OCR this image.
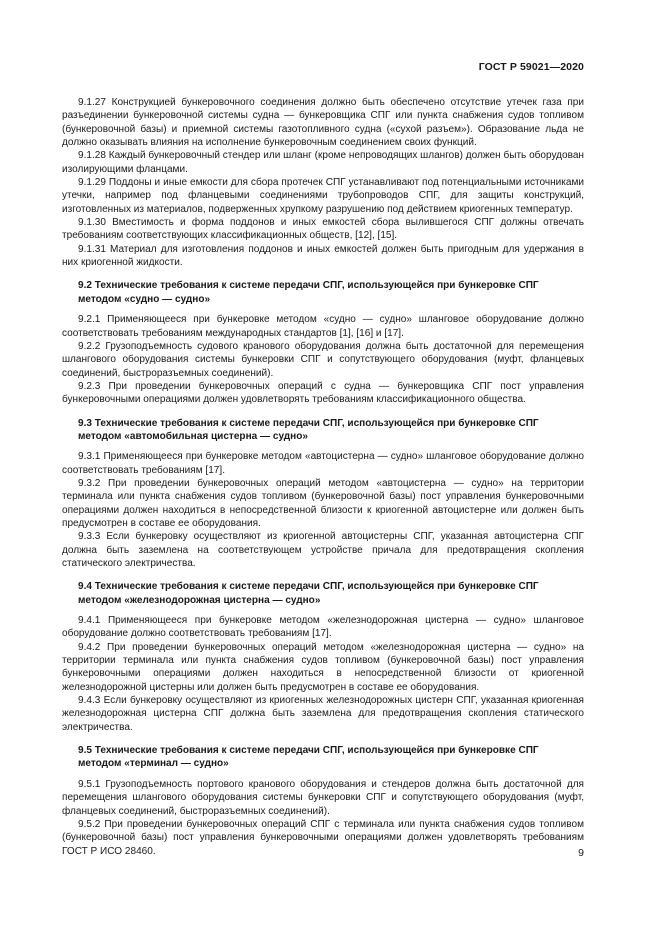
ГОСТ Р 59021—2020

9.1.27 Конструкцией бункеровочного соединения должно быть обеспечено отсутствие утечек газа при разъединении бункеровочной системы судна — бункеровщика СПГ или пункта снабжения судов топливом (бункеровочной базы) и приемной системы газотопливного судна («сухой разъем»). Образование льда не должно оказывать влияния на исполнение бункеровочным соединением своих функций.

9.1.28 Каждый бункеровочный стендер или шланг (кроме непроводящих шлангов) должен быть оборудован изолирующими фланцами.

9.1.29 Поддоны и иные емкости для сбора протечек СПГ устанавливают под потенциальными источниками утечки, например под фланцевыми соединениями трубопроводов СПГ, для защиты конструкций, изготовленных из материалов, подверженных хрупкому разрушению под действием криогенных температур.

9.1.30 Вместимость и форма поддонов и иных емкостей сбора вылившегося СПГ должны отвечать требованиям соответствующих классификационных обществ, [12], [15].

9.1.31 Материал для изготовления поддонов и иных емкостей должен быть пригодным для удержания в них криогенной жидкости.

9.2 Технические требования к системе передачи СПГ, использующейся при бункеровке СПГ методом «судно — судно»

9.2.1 Применяющееся при бункеровке методом «судно — судно» шланговое оборудование должно соответствовать требованиям международных стандартов [1], [16] и [17].

9.2.2 Грузоподъемность судового кранового оборудования должна быть достаточной для перемещения шлангового оборудования системы бункеровки СПГ и сопутствующего оборудования (муфт, фланцевых соединений, быстроразъемных соединений).

9.2.3 При проведении бункеровочных операций с судна — бункеровщика СПГ пост управления бункеровочными операциями должен удовлетворять требованиям классификационного общества.

9.3 Технические требования к системе передачи СПГ, использующейся при бункеровке СПГ методом «автомобильная цистерна — судно»

9.3.1 Применяющееся при бункеровке методом «автоцистерна — судно» шланговое оборудование должно соответствовать требованиям [17].

9.3.2 При проведении бункеровочных операций методом «автоцистерна — судно» на территории терминала или пункта снабжения судов топливом (бункеровочной базы) пост управления бункеровочными операциями должен находиться в непосредственной близости к криогенной автоцистерне или должен быть предусмотрен в составе ее оборудования.

9.3.3 Если бункеровку осуществляют из криогенной автоцистерны СПГ, указанная автоцистерна СПГ должна быть заземлена на соответствующем устройстве причала для предотвращения скопления статического электричества.

9.4 Технические требования к системе передачи СПГ, использующейся при бункеровке СПГ методом «железнодорожная цистерна — судно»

9.4.1 Применяющееся при бункеровке методом «железнодорожная цистерна — судно» шланговое оборудование должно соответствовать требованиям [17].

9.4.2 При проведении бункеровочных операций методом «железнодорожная цистерна — судно» на территории терминала или пункта снабжения судов топливом (бункеровочной базы) пост управления бункеровочными операциями должен находиться в непосредственной близости от криогенной железнодорожной цистерны или должен быть предусмотрен в составе ее оборудования.

9.4.3 Если бункеровку осуществляют из криогенных железнодорожных цистерн СПГ, указанная криогенная железнодорожная цистерна СПГ должна быть заземлена для предотвращения скопления статического электричества.

9.5 Технические требования к системе передачи СПГ, использующейся при бункеровке СПГ методом «терминал — судно»

9.5.1 Грузоподъемность портового кранового оборудования и стендеров должна быть достаточной для перемещения шлангового оборудования системы бункеровки СПГ и сопутствующего оборудования (муфт, фланцевых соединений, быстроразъемных соединений).

9.5.2 При проведении бункеровочных операций СПГ с терминала или пункта снабжения судов топливом (бункеровочной базы) пост управления бункеровочными операциями должен удовлетворять требованиям ГОСТ Р ИСО 28460.	9
